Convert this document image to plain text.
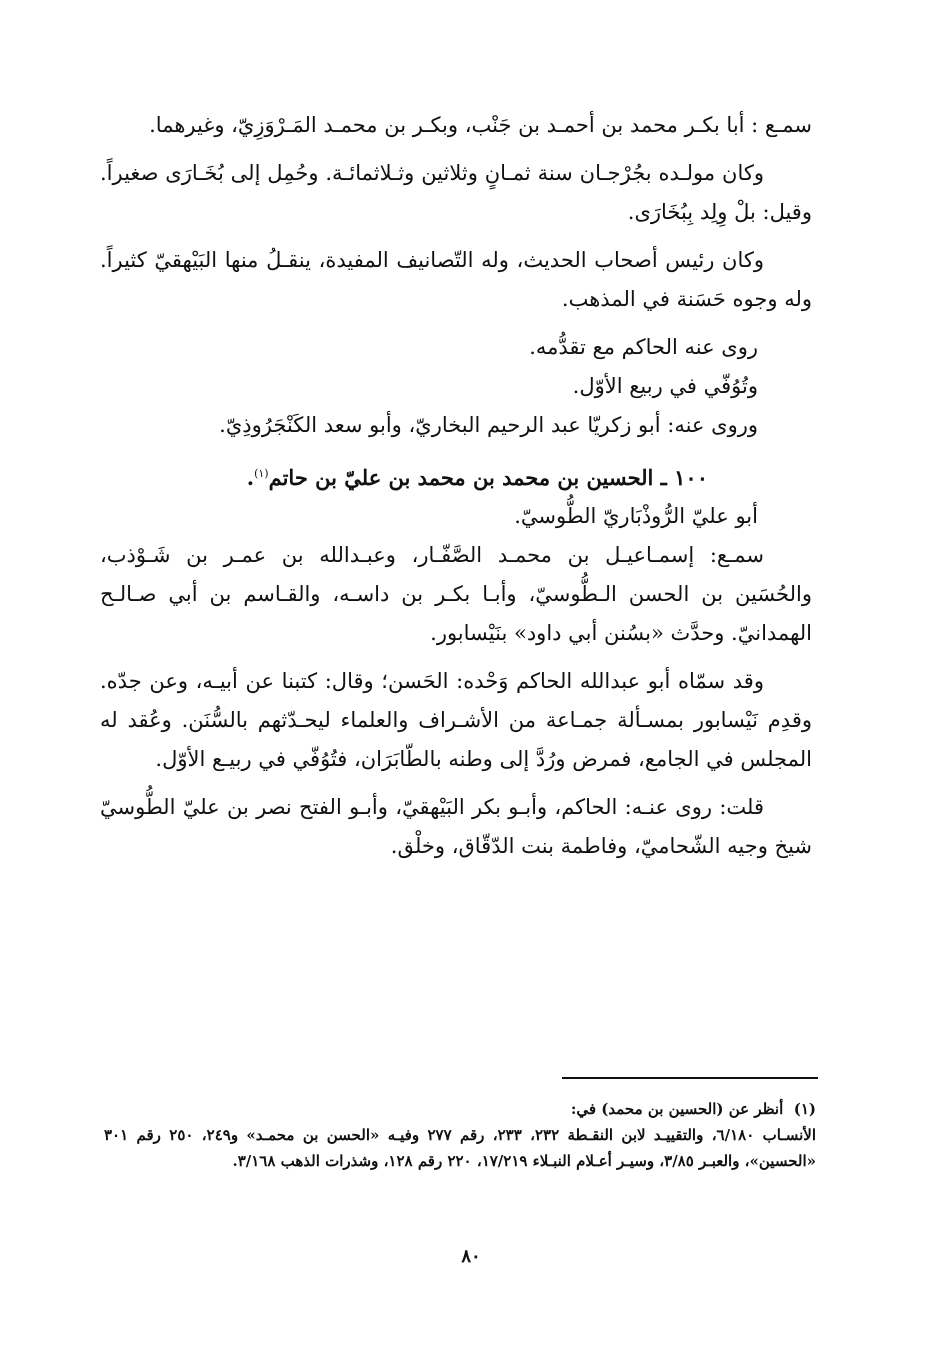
سمـع : أبا بكـر محمد بن أحمـد بن جَنْب، وبكـر بن محمـد المَـرْوَزِيّ، وغيرهما.

وكان مولـده بجُرْجـان سنة ثمـانٍ وثلاثين وثـلاثمائـة. وحُمِل إلى بُخَـارَى صغيراً. وقيل: بلْ وِلِد بِبُخَارَى.

وكان رئيس أصحاب الحديث، وله التّصانيف المفيدة، ينقـلُ منها البَيْهقيّ كثيراً. وله وجوه حَسَنة في المذهب.

روى عنه الحاكم مع تقدُّمه.

وتُوُفّي في ربيع الأوّل.

وروى عنه: أبو زكريّا عبد الرحيم البخاريّ، وأبو سعد الكَنْجَرُوذِيّ.

١٠٠ ـ الحسين بن محمد بن محمد بن عليّ بن حاتم$^{(١)}$.

أبو عليّ الرُّوذْبَاريّ الطُّوسيّ.

سمـع: إسمـاعيـل بن محمـد الصَّفّـار، وعبـدالله بن عمـر بن شَـوْذب، والحُسَين بن الحسن الـطُّوسيّ، وأبـا بكـر بن داسـه، والقـاسم بن أبي صـالـح الهمدانيّ. وحدَّث «بسُنن أبي داود» بنَيْسابور.

وقد سمّاه أبو عبدالله الحاكم وَحْده: الحَسن؛ وقال: كتبنا عن أبيـه، وعن جدّه. وقدِم نَيْسابور بمسـألة جمـاعة من الأشـراف والعلماء ليحـدّثهم بالسُّنَن. وعُقد له المجلس في الجامع، فمرض ورُدَّ إلى وطنه بالطّابَرَان، فتُوُفّي في ربيـع الأوّل.

قلت: روى عنـه: الحاكم، وأبـو بكر البَيْهقيّ، وأبـو الفتح نصر بن عليّ الطُّوسيّ شيخ وجيه الشّحاميّ، وفاطمة بنت الدّقّاق، وخلْق.

(١)  أنظر عن (الحسين بن محمد) في:

الأنسـاب ٦/١٨٠، والتقييـد لابن النقـطة ٢٣٢، ٢٣٣، رقم ٢٧٧ وفيـه «الحسن بن محمـد» و٢٤٩، ٢٥٠ رقم ٣٠١ «الحسين»، والعبـر ٣/٨٥، وسيـر أعـلام النبـلاء ١٧/٢١٩، ٢٢٠ رقم ١٢٨، وشذرات الذهب ٣/١٦٨.

٨٠
